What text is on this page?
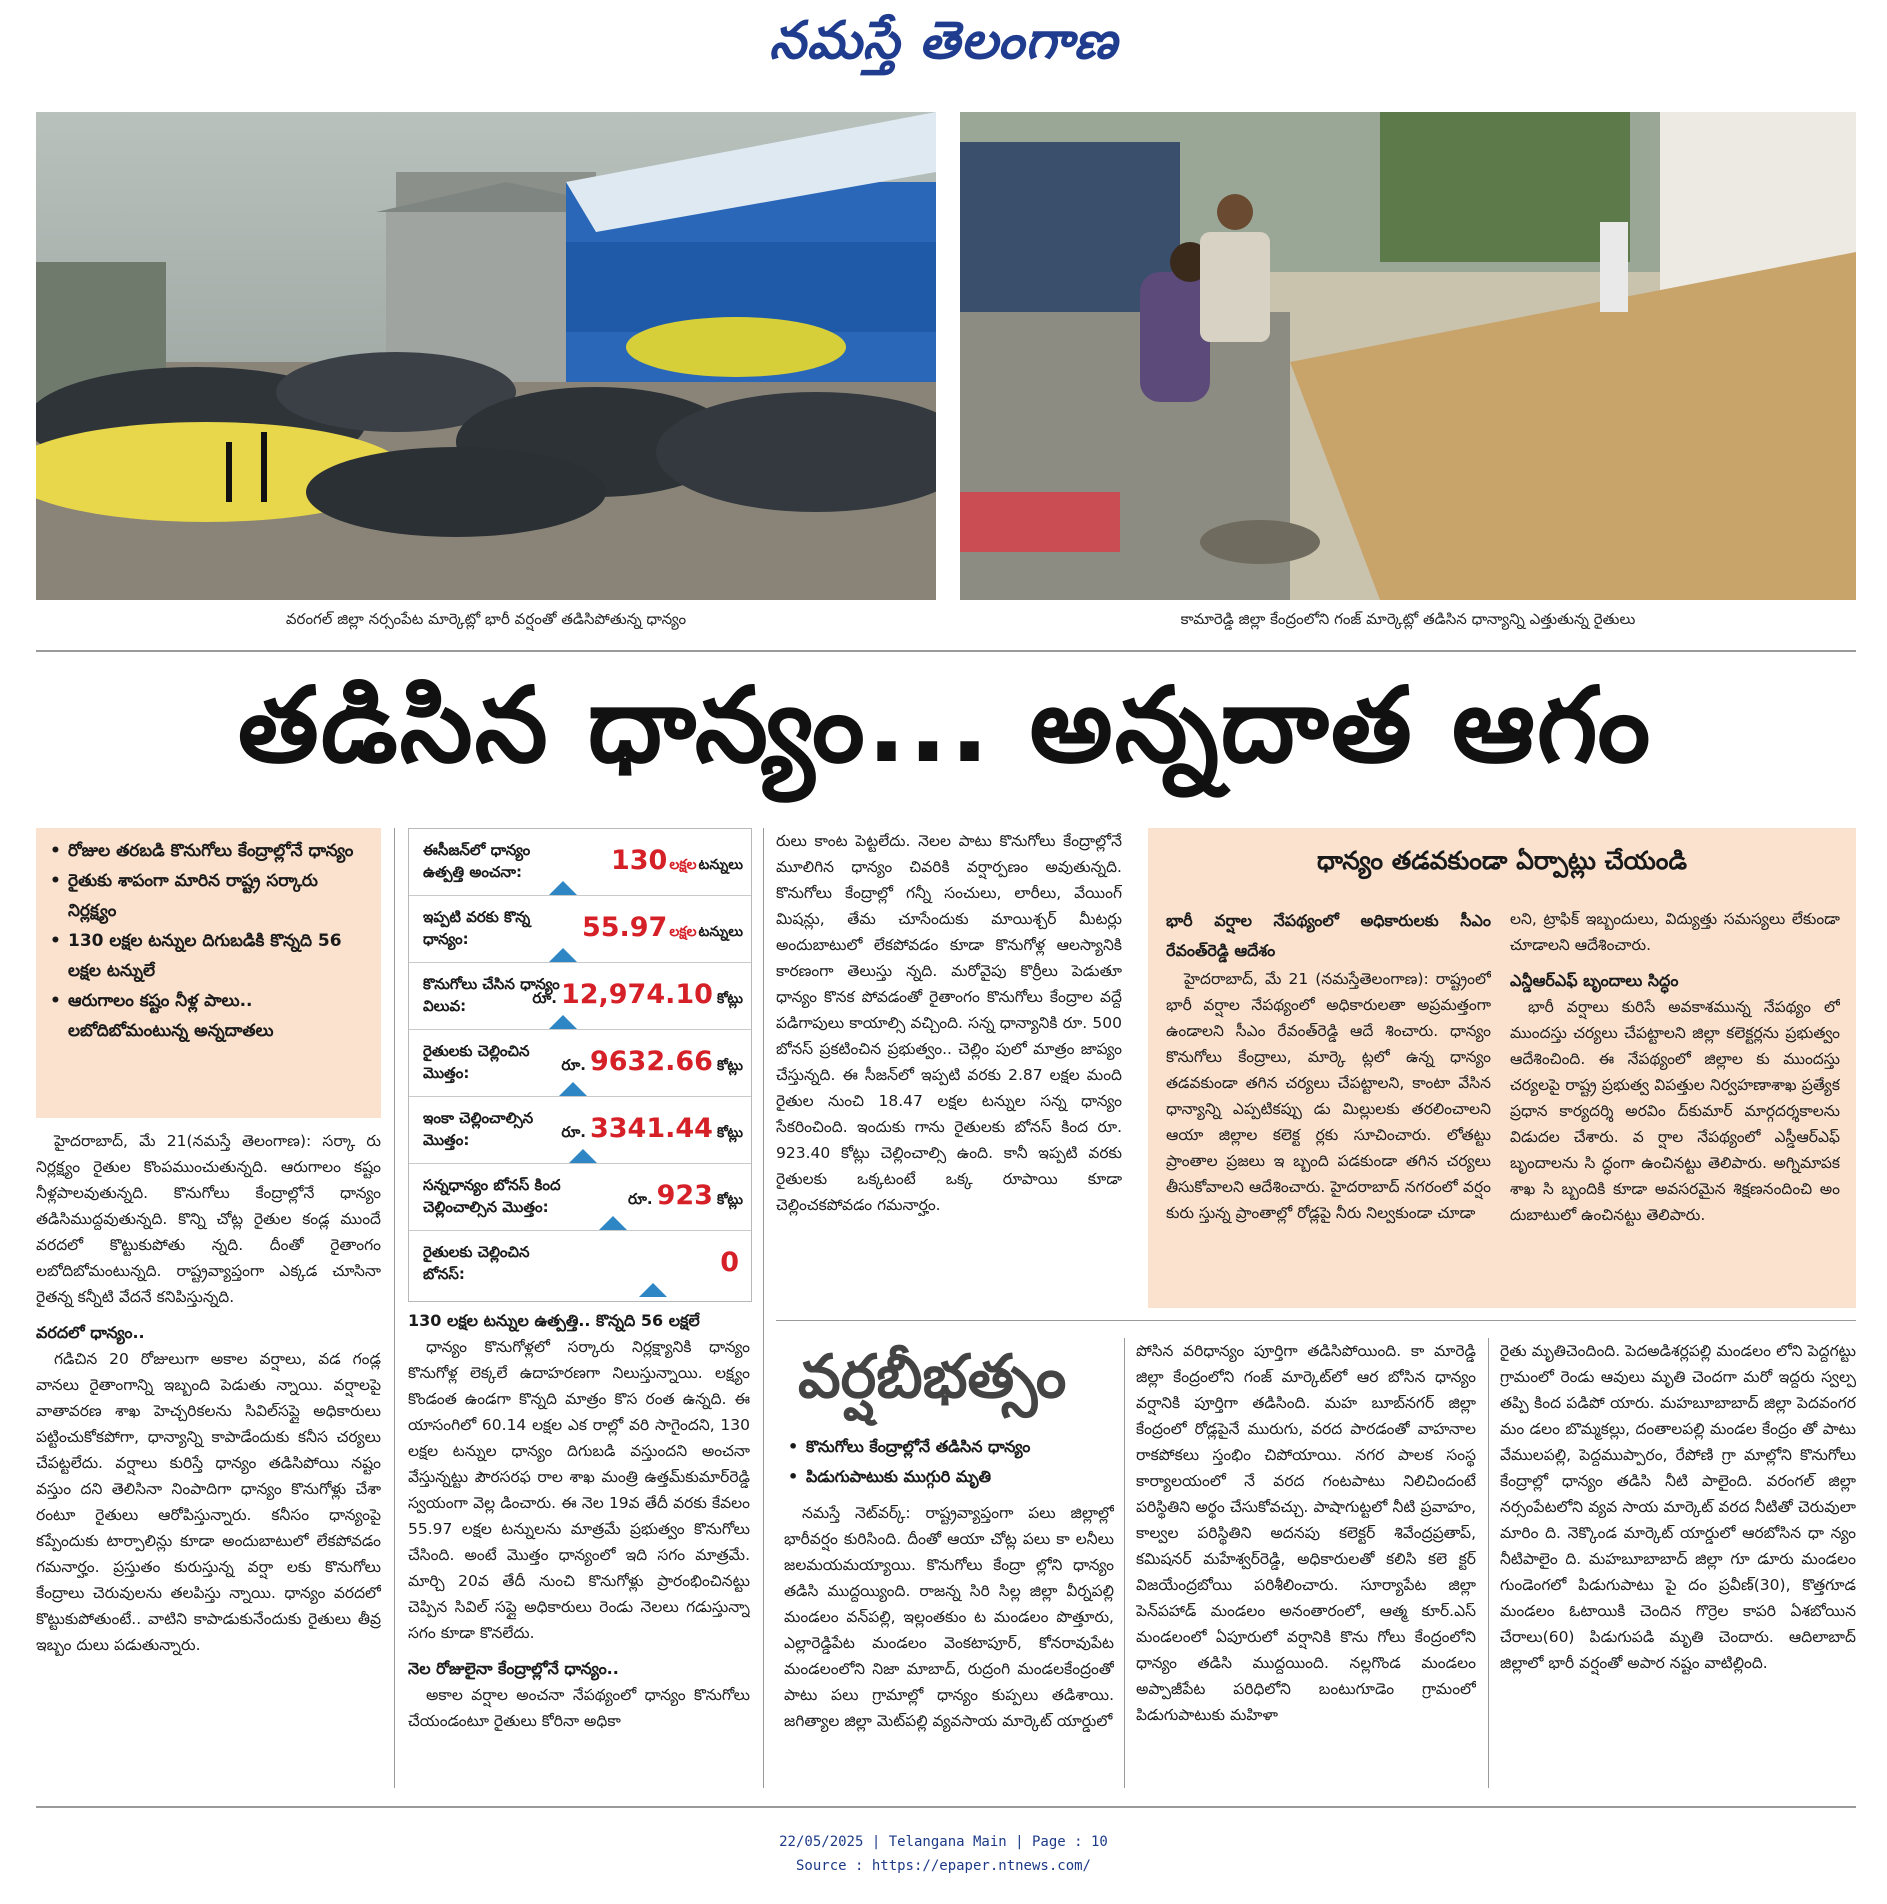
నమస్తే తెలంగాణ
వరంగల్ జిల్లా నర్సంపేట మార్కెట్లో భారీ వర్షంతో తడిసిపోతున్న ధాన్యం	కామారెడ్డి జిల్లా కేంద్రంలోని గంజ్ మార్కెట్లో తడిసిన ధాన్యాన్ని ఎత్తుతున్న రైతులు
తడిసిన ధాన్యం... అన్నదాత ఆగం
• రోజుల తరబడి కొనుగోలు కేంద్రాల్లోనే ధాన్యం
• రైతుకు శాపంగా మారిన రాష్ట్ర సర్కారు నిర్లక్ష్యం
• 130 లక్షల టన్నుల దిగుబడికి కొన్నది 56 లక్షల టన్నులే
• ఆరుగాలం కష్టం నీళ్ల పాలు.. లబోదిబోమంటున్న అన్నదాతలు

హైదరాబాద్, మే 21(నమస్తే తెలంగాణ): సర్కా రు నిర్లక్ష్యం రైతుల కొంపముంచుతున్నది. ఆరుగాలం కష్టం నీళ్లపాలవుతున్నది. కొనుగోలు కేంద్రాల్లోనే ధాన్యం తడిసిముద్దవుతున్నది. కొన్ని చోట్ల రైతుల కండ్ల ముందే వరదలో కొట్టుకుపోతు న్నది. దీంతో రైతాంగం లబోదిబోమంటున్నది. రాష్ట్రవ్యాప్తంగా ఎక్కడ చూసినా రైతన్న కన్నీటి వేదనే కనిపిస్తున్నది.

వరదలో ధాన్యం..

గడిచిన 20 రోజులుగా అకాల వర్షాలు, వడ గండ్ల వానలు రైతాంగాన్ని ఇబ్బంది పెడుతు న్నాయి. వర్షాలపై వాతావరణ శాఖ హెచ్చరికలను సివిల్‌సప్లై అధికారులు పట్టించుకోకపోగా, ధాన్యాన్ని కాపాడేందుకు కనీస చర్యలు చేపట్టలేదు. వర్షాలు కురిస్తే ధాన్యం తడిసిపోయి నష్టం వస్తుం దని తెలిసినా నింపాదిగా ధాన్యం కొనుగోళ్లు చేశా రంటూ రైతులు ఆరోపిస్తున్నారు. కనీసం ధాన్యంపై కప్పేందుకు టార్పాలిన్లు కూడా అందుబాటులో లేకపోవడం గమనార్హం. ప్రస్తుతం కురుస్తున్న వర్షా లకు కొనుగోలు కేంద్రాలు చెరువులను తలపిస్తు న్నాయి. ధాన్యం వరదలో కొట్టుకుపోతుంటే.. వాటిని కాపాడుకునేందుకు రైతులు తీవ్ర ఇబ్బం దులు పడుతున్నారు.

ఈసీజన్‌లో ధాన్యం ఉత్పత్తి అంచనా:	130 లక్షల టన్నులు
ఇప్పటి వరకు కొన్న ధాన్యం:	55.97 లక్షల టన్నులు
కొనుగోలు చేసిన ధాన్యం విలువ:	రూ. 12,974.10 కోట్లు
రైతులకు చెల్లించిన మొత్తం:	రూ. 9632.66 కోట్లు
ఇంకా చెల్లించాల్సిన మొత్తం:	రూ. 3341.44 కోట్లు
సన్నధాన్యం బోనస్ కింద చెల్లించాల్సిన మొత్తం:	రూ. 923 కోట్లు
రైతులకు చెల్లించిన బోనస్:	0

130 లక్షల టన్నుల ఉత్పత్తి.. కొన్నది 56 లక్షలే

ధాన్యం కొనుగోళ్లలో సర్కారు నిర్లక్ష్యానికి ధాన్యం కొనుగోళ్ల లెక్కలే ఉదాహరణగా నిలుస్తున్నాయి. లక్ష్యం కొండంత ఉండగా కొన్నది మాత్రం కొస రంత ఉన్నది. ఈ యాసంగిలో 60.14 లక్షల ఎక రాల్లో వరి సాగైందని, 130 లక్షల టన్నుల ధాన్యం దిగుబడి వస్తుందని అంచనా వేస్తున్నట్టు పౌరసరఫ రాల శాఖ మంత్రి ఉత్తమ్‌కుమార్‌రెడ్డి స్వయంగా వెల్ల డించారు. ఈ నెల 19వ తేదీ వరకు కేవలం 55.97 లక్షల టన్నులను మాత్రమే ప్రభుత్వం కొనుగోలు చేసింది. అంటే మొత్తం ధాన్యంలో ఇది సగం మాత్రమే. మార్చి 20వ తేదీ నుంచి కొనుగోళ్లు ప్రారంభించినట్టు చెప్పిన సివిల్ సప్లై అధికారులు రెండు నెలలు గడుస్తున్నా సగం కూడా కొనలేదు.

నెల రోజులైనా కేంద్రాల్లోనే ధాన్యం..

అకాల వర్షాల అంచనా నేపథ్యంలో ధాన్యం కొనుగోలు చేయండంటూ రైతులు కోరినా అధికా

రులు కాంట పెట్టలేదు. నెలల పాటు కొనుగోలు కేంద్రాల్లోనే మూలిగిన ధాన్యం చివరికి వర్షార్పణం అవుతున్నది. కొనుగోలు కేంద్రాల్లో గన్నీ సంచులు, లారీలు, వేయింగ్ మిషన్లు, తేమ చూసేందుకు మాయిశ్చర్ మీటర్లు అందుబాటులో లేకపోవడం కూడా కొనుగోళ్ల ఆలస్యానికి కారణంగా తెలుస్తు న్నది. మరోవైపు కొర్రీలు పెడుతూ ధాన్యం కొనక పోవడంతో రైతాంగం కొనుగోలు కేంద్రాల వద్దే పడిగాపులు కాయాల్సి వచ్చింది. సన్న ధాన్యానికి రూ. 500 బోనస్ ప్రకటించిన ప్రభుత్వం.. చెల్లిం పులో మాత్రం జాప్యం చేస్తున్నది. ఈ సీజన్‌లో ఇప్పటి వరకు 2.87 లక్షల మంది రైతుల నుంచి 18.47 లక్షల టన్నుల సన్న ధాన్యం సేకరించింది. ఇందుకు గాను రైతులకు బోనస్ కింద రూ. 923.40 కోట్లు చెల్లించాల్సి ఉంది. కానీ ఇప్పటి వరకు రైతులకు ఒక్కటంటే ఒక్క రూపాయి కూడా చెల్లించకపోవడం గమనార్హం.

ధాన్యం తడవకుండా ఏర్పాట్లు చేయండి

భారీ వర్షాల నేపథ్యంలో అధికారులకు సీఎం రేవంత్‌రెడ్డి ఆదేశం

హైదరాబాద్, మే 21 (నమస్తేతెలంగాణ): రాష్ట్రంలో భారీ వర్షాల నేపథ్యంలో అధికారులతా అప్రమత్తంగా ఉండాలని సీఎం రేవంత్‌రెడ్డి ఆదే శించారు. ధాన్యం కొనుగోలు కేంద్రాలు, మార్కె ట్లలో ఉన్న ధాన్యం తడవకుండా తగిన చర్యలు చేపట్టాలని, కాంటా వేసిన ధాన్యాన్ని ఎప్పటికప్పు డు మిల్లులకు తరలించాలని ఆయా జిల్లాల కలెక్ట ర్లకు సూచించారు. లోతట్టు ప్రాంతాల ప్రజలు ఇ బ్బంది పడకుండా తగిన చర్యలు తీసుకోవాలని ఆదేశించారు. హైదరాబాద్ నగరంలో వర్షం కురు స్తున్న ప్రాంతాల్లో రోడ్లపై నీరు నిల్వకుండా చూడా

లని, ట్రాఫిక్ ఇబ్బందులు, విద్యుత్తు సమస్యలు లేకుండా చూడాలని ఆదేశించారు.

ఎన్డీఆర్‌ఎఫ్ బృందాలు సిద్ధం

భారీ వర్షాలు కురిసే అవకాశమున్న నేపథ్యం లో ముందస్తు చర్యలు చేపట్టాలని జిల్లా కలెక్టర్లను ప్రభుత్వం ఆదేశించింది. ఈ నేపథ్యంలో జిల్లాల కు ముందస్తు చర్యలపై రాష్ట్ర ప్రభుత్వ విపత్తుల నిర్వహణాశాఖ ప్రత్యేక ప్రధాన కార్యదర్శి అరవిం ద్‌కుమార్ మార్గదర్శకాలను విడుదల చేశారు. వ ర్షాల నేపథ్యంలో ఎస్డీఆర్‌ఎఫ్ బృందాలను సి ద్ధంగా ఉంచినట్టు తెలిపారు. అగ్నిమాపక శాఖ సి బ్బందికి కూడా అవసరమైన శిక్షణనందించి అం దుబాటులో ఉంచినట్టు తెలిపారు.

వర్షబీభత్సం
• కొనుగోలు కేంద్రాల్లోనే తడిసిన ధాన్యం
• పిడుగుపాటుకు ముగ్గురి మృతి

నమస్తే నెట్‌వర్క్: రాష్ట్రవ్యాప్తంగా పలు జిల్లాల్లో భారీవర్షం కురిసింది. దీంతో ఆయా చోట్ల పలు కా లనీలు జలమయమయ్యాయి. కొనుగోలు కేంద్రా ల్లోని ధాన్యం తడిసి ముద్దయ్యింది. రాజన్న సిరి సిల్ల జిల్లా వీర్నపల్లి మండలం వన్‌పల్లి, ఇల్లంతకుం ట మండలం పొత్తూరు, ఎల్లారెడ్డిపేట మండలం వెంకటాపూర్, కోనరావుపేట మండలంలోని నిజా మాబాద్, రుద్రంగి మండలకేంద్రంతో పాటు పలు గ్రామాల్లో ధాన్యం కుప్పలు తడిశాయి. జగిత్యాల జిల్లా మెట్‌పల్లి వ్యవసాయ మార్కెట్ యార్డులో

పోసిన వరిధాన్యం పూర్తిగా తడిసిపోయింది. కా మారెడ్డి జిల్లా కేంద్రంలోని గంజ్ మార్కెట్‌లో ఆర బోసిన ధాన్యం వర్షానికి పూర్తిగా తడిసింది. మహ బూబ్‌నగర్ జిల్లా కేంద్రంలో రోడ్లపైనే మురుగు, వరద పారడంతో వాహనాల రాకపోకలు స్తంభిం చిపోయాయి. నగర పాలక సంస్థ కార్యాలయంలో నే వరద గంటపాటు నిలిచిందంటే పరిస్థితిని అర్థం చేసుకోవచ్చు. పాషాగుట్టలో నీటి ప్రవాహం, కాల్వల పరిస్థితిని అదనపు కలెక్టర్ శివేంద్రప్రతాప్, కమిషనర్ మహేశ్వర్‌రెడ్డి, అధికారులతో కలిసి కలె క్టర్ విజయేంద్రబోయి పరిశీలించారు. సూర్యాపేట జిల్లా పెన్‌పహాడ్ మండలం అనంతారంలో, ఆత్మ కూర్.ఎస్ మండలంలో ఏపూరులో వర్షానికి కొను గోలు కేంద్రంలోని ధాన్యం తడిసి ముద్దయింది. నల్లగొండ మండలం అప్పాజీపేట పరిధిలోని బంటుగూడెం గ్రామంలో పిడుగుపాటుకు మహిళా

రైతు మృతిచెందింది. పెదఅడిశర్లపల్లి మండలం లోని పెద్దగట్టు గ్రామంలో రెండు ఆవులు మృతి చెందగా మరో ఇద్దరు స్వల్ప తప్పి కింద పడిపో యారు. మహబూబాబాద్ జిల్లా పెదవంగర మం డలం బొమ్మకల్లు, దంతాలపల్లి మండల కేంద్రం తో పాటు వేములపల్లి, పెద్దముప్పారం, రేపోణి గ్రా మాల్లోని కొనుగోలు కేంద్రాల్లో ధాన్యం తడిసి నీటి పాలైంది. వరంగల్ జిల్లా నర్సంపేటలోని వ్యవ సాయ మార్కెట్ వరద నీటితో చెరువులా మారిం ది. నెక్కొండ మార్కెట్ యార్డులో ఆరబోసిన ధా న్యం నీటిపాలైం ది. మహబూబాబాద్ జిల్లా గూ డూరు మండలం గుండెంగలో పిడుగుపాటు పై దం ప్రవీణ్(30), కొత్తగూడ మండలం ఓటాయికి చెందిన గొర్రెల కాపరి ఏశబోయిన చేరాలు(60) పిడుగుపడి మృతి చెందారు. ఆదిలాబాద్ జిల్లాలో భారీ వర్షంతో అపార నష్టం వాటిల్లింది.

22/05/2025 | Telangana Main | Page : 10
Source : https://epaper.ntnews.com/
